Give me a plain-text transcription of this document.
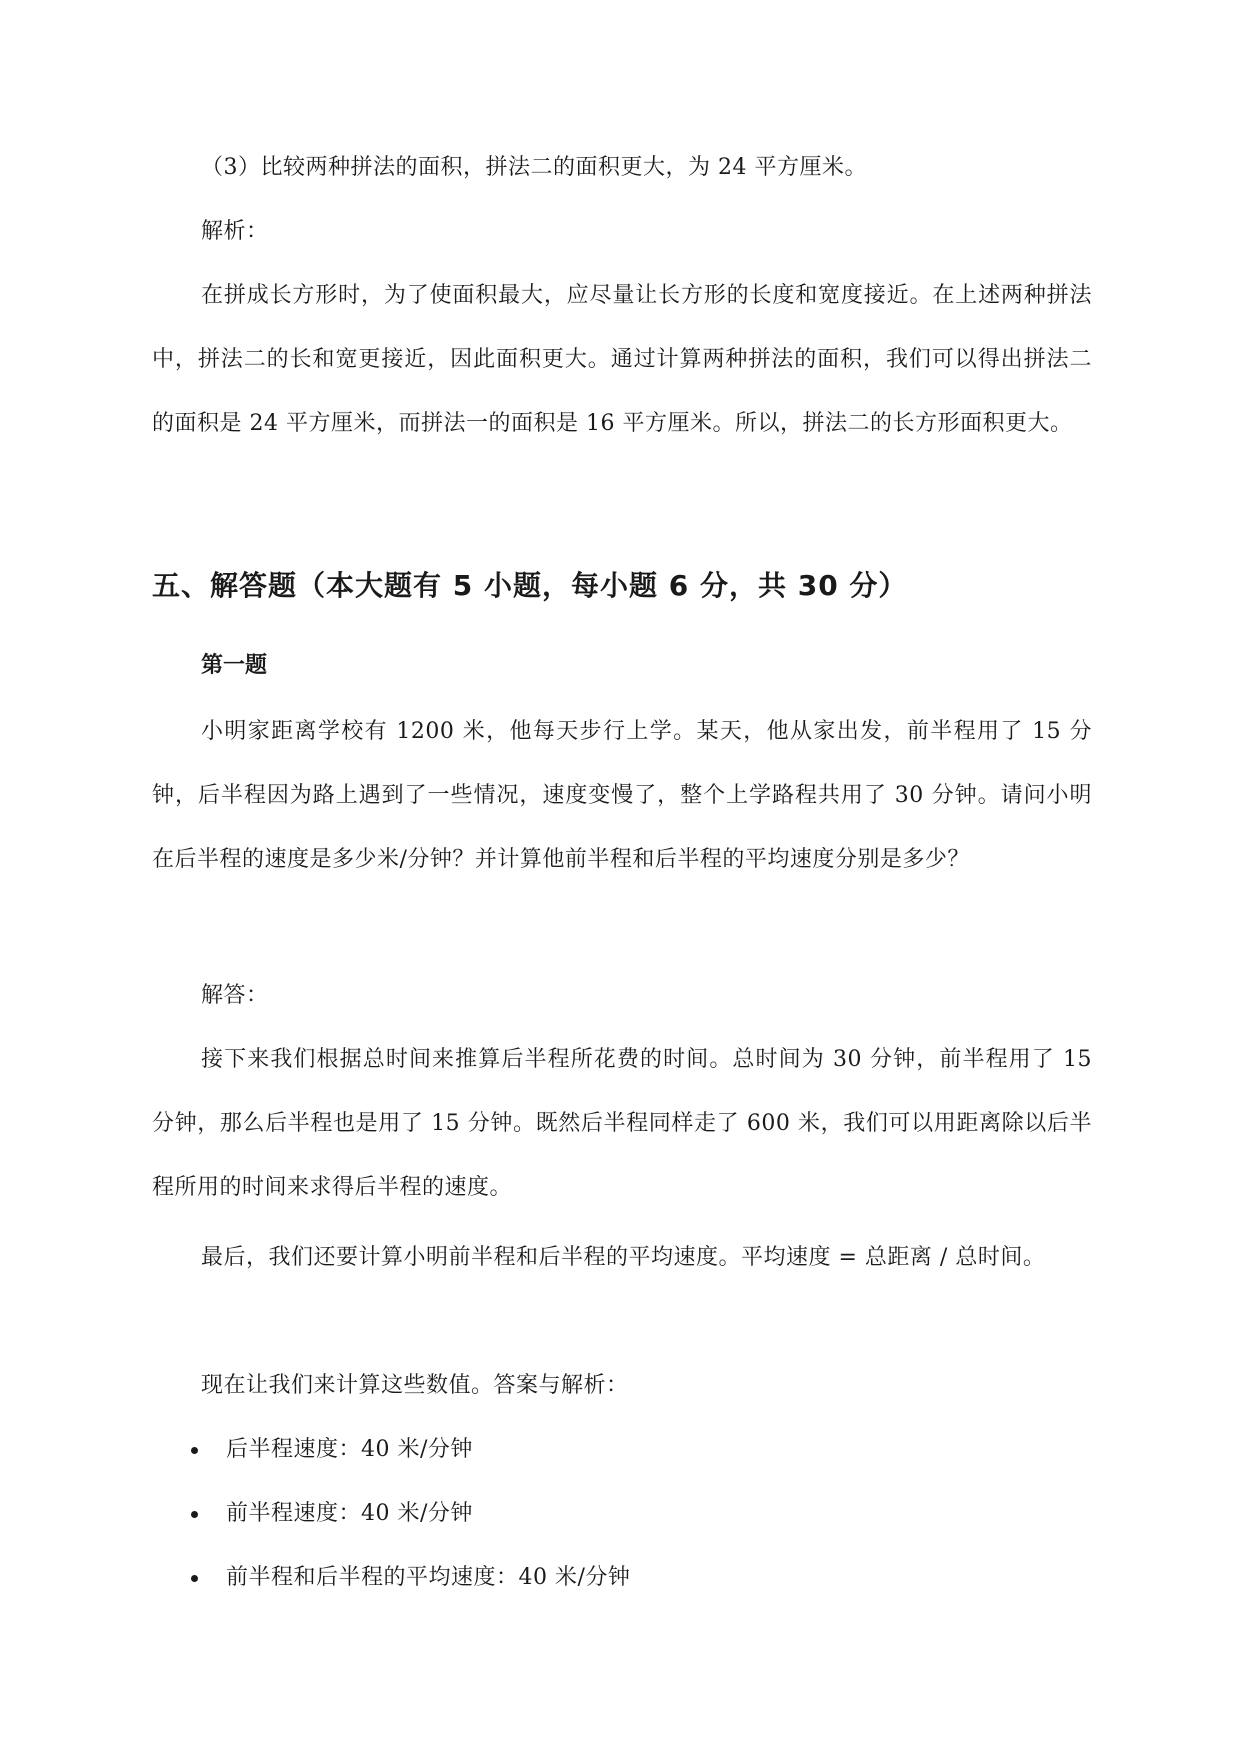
（3）比较两种拼法的面积，拼法二的面积更大，为 24 平方厘米。

解析：

在拼成长方形时，为了使面积最大，应尽量让长方形的长度和宽度接近。在上述两种拼法中，拼法二的长和宽更接近，因此面积更大。通过计算两种拼法的面积，我们可以得出拼法二的面积是 24 平方厘米，而拼法一的面积是 16 平方厘米。所以，拼法二的长方形面积更大。

五、解答题（本大题有 5 小题，每小题 6 分，共 30 分）
第一题

小明家距离学校有 1200 米，他每天步行上学。某天，他从家出发，前半程用了 15 分钟，后半程因为路上遇到了一些情况，速度变慢了，整个上学路程共用了 30 分钟。请问小明在后半程的速度是多少米/分钟？并计算他前半程和后半程的平均速度分别是多少？

解答：

接下来我们根据总时间来推算后半程所花费的时间。总时间为 30 分钟，前半程用了 15 分钟，那么后半程也是用了 15 分钟。既然后半程同样走了 600 米，我们可以用距离除以后半程所用的时间来求得后半程的速度。

最后，我们还要计算小明前半程和后半程的平均速度。平均速度 = 总距离 / 总时间。

现在让我们来计算这些数值。答案与解析：

后半程速度：40 米/分钟
前半程速度：40 米/分钟
前半程和后半程的平均速度：40 米/分钟
